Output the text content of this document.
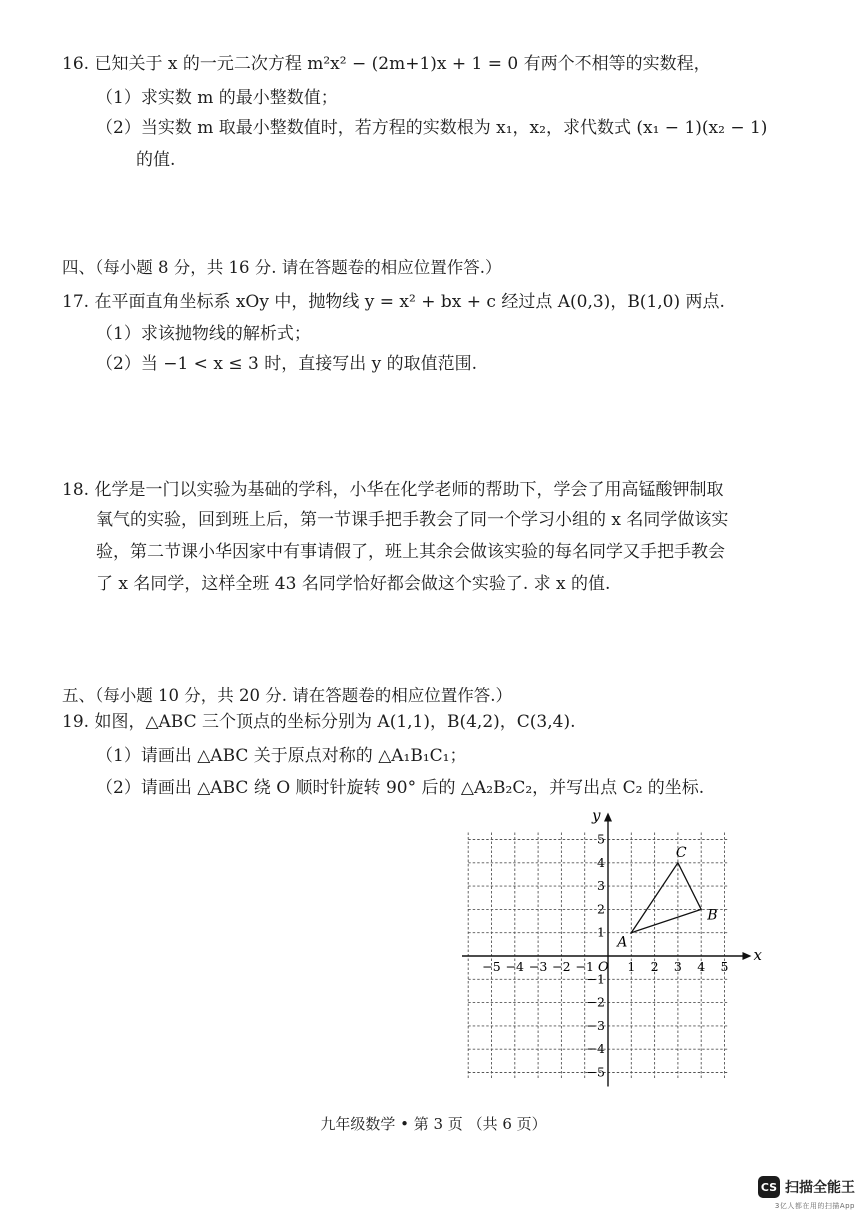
16. 已知关于 x 的一元二次方程 m²x² − (2m+1)x + 1 = 0 有两个不相等的实数程，
（1）求实数 m 的最小整数值；
（2）当实数 m 取最小整数值时，若方程的实数根为 x₁，x₂，求代数式 (x₁ − 1)(x₂ − 1)
的值.
四、（每小题 8 分，共 16 分. 请在答题卷的相应位置作答.）
17. 在平面直角坐标系 xOy 中，抛物线 y = x² + bx + c 经过点 A(0,3)，B(1,0) 两点.
（1）求该抛物线的解析式；
（2）当 −1 < x ≤ 3 时，直接写出 y 的取值范围.
18. 化学是一门以实验为基础的学科，小华在化学老师的帮助下，学会了用高锰酸钾制取
氧气的实验，回到班上后，第一节课手把手教会了同一个学习小组的 x 名同学做该实
验，第二节课小华因家中有事请假了，班上其余会做该实验的每名同学又手把手教会
了 x 名同学，这样全班 43 名同学恰好都会做这个实验了. 求 x 的值.
五、（每小题 10 分，共 20 分. 请在答题卷的相应位置作答.）
19. 如图，△ABC 三个顶点的坐标分别为 A(1,1)，B(4,2)，C(3,4).
（1）请画出 △ABC 关于原点对称的 △A₁B₁C₁；
（2）请画出 △ABC 绕 O 顺时针旋转 90° 后的 △A₂B₂C₂，并写出点 C₂ 的坐标.
x
y
O
−5 −4 −3 −2 −1	1 2 3 4 5
5
4
3
2
1
−1
−2
−3
−4
−5
A
B
C
九年级数学 • 第 3 页 （共 6 页）
CS 扫描全能王
3亿人都在用的扫描App
